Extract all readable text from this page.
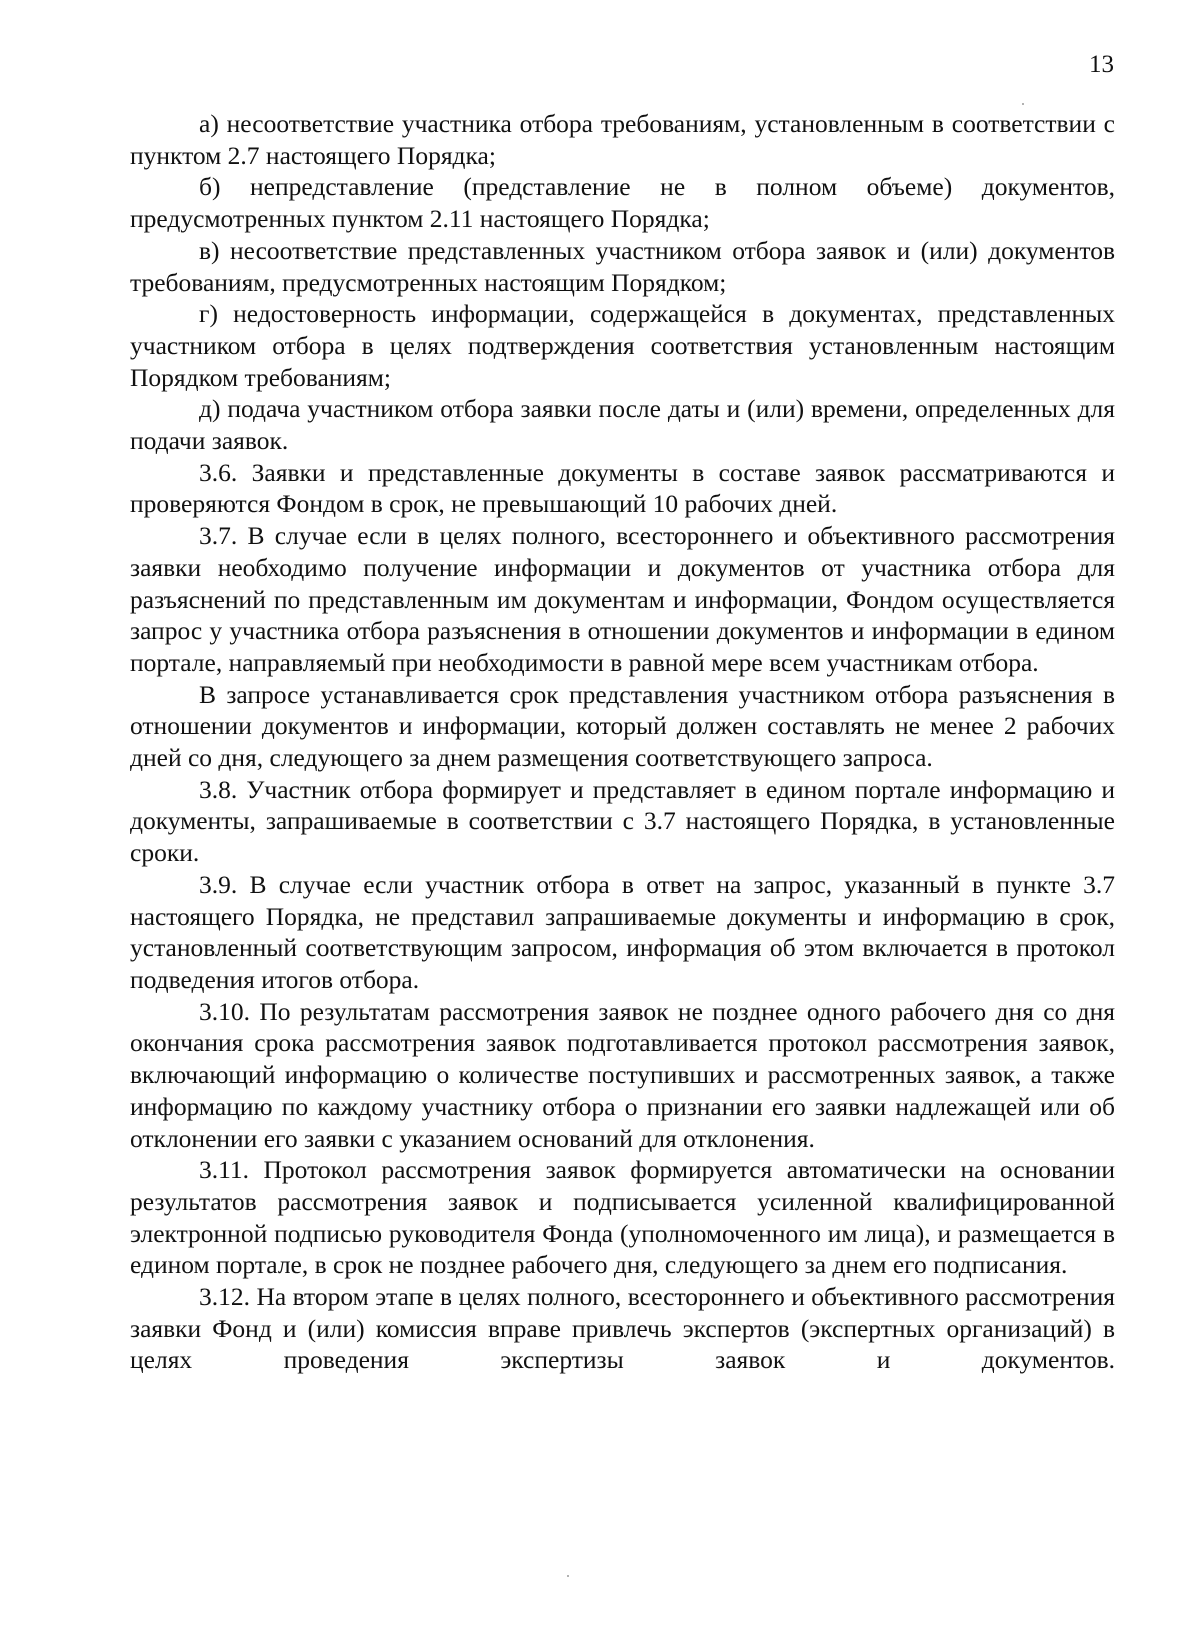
13

а) несоответствие участника отбора требованиям, установленным в соответствии с пунктом 2.7 настоящего Порядка;

б) непредставление (представление не в полном объеме) документов, предусмотренных пунктом 2.11 настоящего Порядка;

в) несоответствие представленных участником отбора заявок и (или) документов требованиям, предусмотренных настоящим Порядком;

г) недостоверность информации, содержащейся в документах, представленных участником отбора в целях подтверждения соответствия установленным настоящим Порядком требованиям;

д) подача участником отбора заявки после даты и (или) времени, определенных для подачи заявок.

3.6. Заявки и представленные документы в составе заявок рассматриваются и проверяются Фондом в срок, не превышающий 10 рабочих дней.

3.7. В случае если в целях полного, всестороннего и объективного рассмотрения заявки необходимо получение информации и документов от участника отбора для разъяснений по представленным им документам и информации, Фондом осуществляется запрос у участника отбора разъяснения в отношении документов и информации в едином портале, направляемый при необходимости в равной мере всем участникам отбора.

В запросе устанавливается срок представления участником отбора разъяснения в отношении документов и информации, который должен составлять не менее 2 рабочих дней со дня, следующего за днем размещения соответствующего запроса.

3.8. Участник отбора формирует и представляет в едином портале информацию и документы, запрашиваемые в соответствии с 3.7 настоящего Порядка, в установленные сроки.

3.9. В случае если участник отбора в ответ на запрос, указанный в пункте 3.7 настоящего Порядка, не представил запрашиваемые документы и информацию в срок, установленный соответствующим запросом, информация об этом включается в протокол подведения итогов отбора.

3.10. По результатам рассмотрения заявок не позднее одного рабочего дня со дня окончания срока рассмотрения заявок подготавливается протокол рассмотрения заявок, включающий информацию о количестве поступивших и рассмотренных заявок, а также информацию по каждому участнику отбора о признании его заявки надлежащей или об отклонении его заявки с указанием оснований для отклонения.

3.11. Протокол рассмотрения заявок формируется автоматически на основании результатов рассмотрения заявок и подписывается усиленной квалифицированной электронной подписью руководителя Фонда (уполномоченного им лица), и размещается в едином портале, в срок не позднее рабочего дня, следующего за днем его подписания.

3.12. На втором этапе в целях полного, всестороннего и объективного рассмотрения заявки Фонд и (или) комиссия вправе привлечь экспертов (экспертных организаций) в целях проведения экспертизы заявок и документов.
